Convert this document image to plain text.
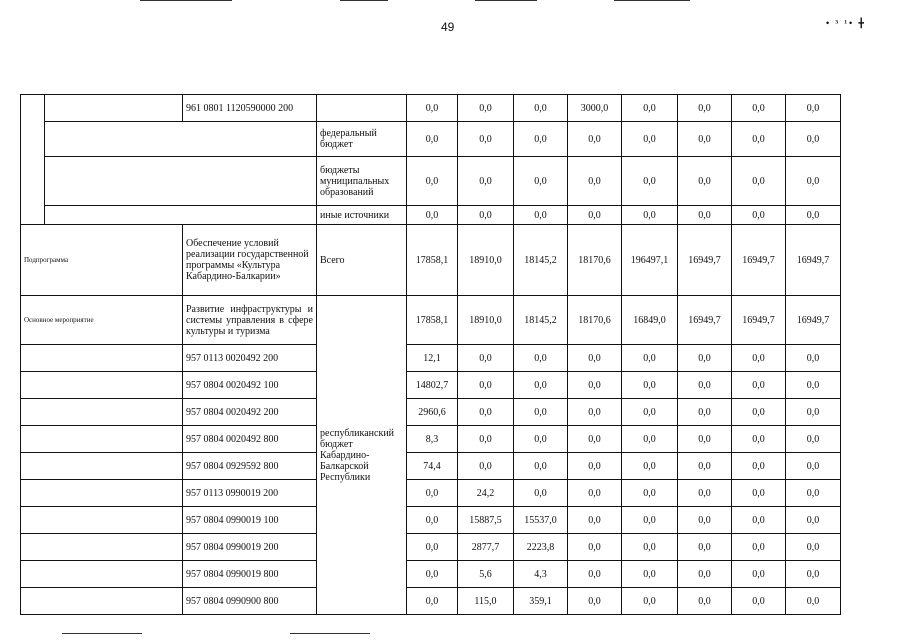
49	• ³ ¹• ╋
		961 0801 1120590000 200		0,0	0,0	0,0	3000,0	0,0	0,0	0,0	0,0
			федеральный бюджет	0,0	0,0	0,0	0,0	0,0	0,0	0,0	0,0
			бюджеты муниципальных образований	0,0	0,0	0,0	0,0	0,0	0,0	0,0	0,0
			иные источники	0,0	0,0	0,0	0,0	0,0	0,0	0,0	0,0
Подпрограмма		Обеспечение условий реализации государственной программы «Культура Кабардино-Балкарии»	Всего	17858,1	18910,0	18145,2	18170,6	196497,1	16949,7	16949,7	16949,7
Основное мероприятие		Развитие инфраструктуры и системы управления в сфере культуры и туризма	республиканский бюджет Кабардино-Балкарской Республики	17858,1	18910,0	18145,2	18170,6	16849,0	16949,7	16949,7	16949,7
		957 0113 0020492 200		12,1	0,0	0,0	0,0	0,0	0,0	0,0	0,0
		957 0804 0020492 100		14802,7	0,0	0,0	0,0	0,0	0,0	0,0	0,0
		957 0804 0020492 200		2960,6	0,0	0,0	0,0	0,0	0,0	0,0	0,0
		957 0804 0020492 800		8,3	0,0	0,0	0,0	0,0	0,0	0,0	0,0
		957 0804 0929592 800		74,4	0,0	0,0	0,0	0,0	0,0	0,0	0,0
		957 0113 0990019 200		0,0	24,2	0,0	0,0	0,0	0,0	0,0	0,0
		957 0804 0990019 100		0,0	15887,5	15537,0	0,0	0,0	0,0	0,0	0,0
		957 0804 0990019 200		0,0	2877,7	2223,8	0,0	0,0	0,0	0,0	0,0
		957 0804 0990019 800		0,0	5,6	4,3	0,0	0,0	0,0	0,0	0,0
		957 0804 0990900 800		0,0	115,0	359,1	0,0	0,0	0,0	0,0	0,0
